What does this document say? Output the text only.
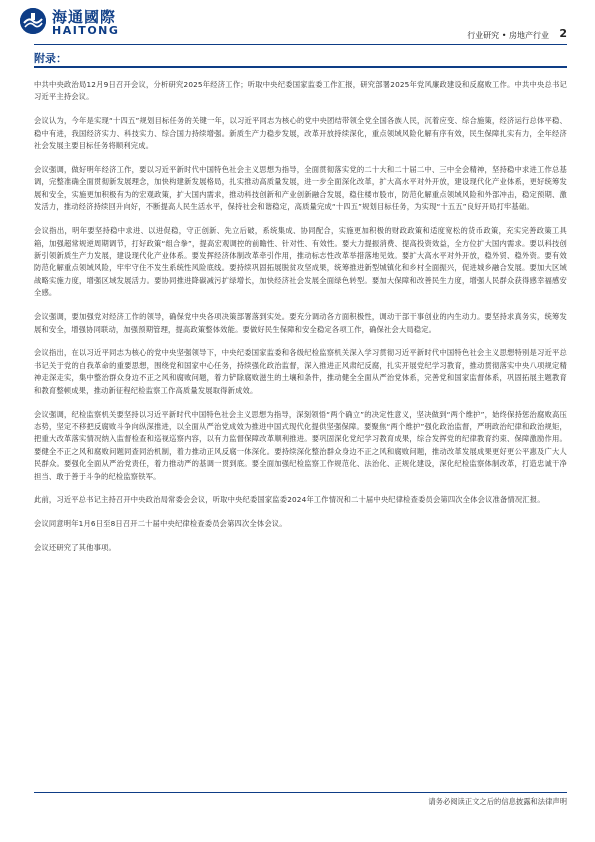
海通國際
HAITONG	行业研究 • 房地产行业 2
附录：

中共中央政治局12月9日召开会议，分析研究2025年经济工作；听取中央纪委国家监委工作汇报，研究部署2025年党风廉政建设和反腐败工作。中共中央总书记习近平主持会议。

会议认为，今年是实现“十四五”规划目标任务的关键一年，以习近平同志为核心的党中央团结带领全党全国各族人民，沉着应变、综合施策，经济运行总体平稳、稳中有进，我国经济实力、科技实力、综合国力持续增强。新质生产力稳步发展，改革开放持续深化，重点领域风险化解有序有效，民生保障扎实有力，全年经济社会发展主要目标任务将顺利完成。

会议强调，做好明年经济工作，要以习近平新时代中国特色社会主义思想为指导，全面贯彻落实党的二十大和二十届二中、三中全会精神，坚持稳中求进工作总基调，完整准确全面贯彻新发展理念，加快构建新发展格局，扎实推动高质量发展，进一步全面深化改革，扩大高水平对外开放，建设现代化产业体系，更好统筹发展和安全，实施更加积极有为的宏观政策，扩大国内需求，推动科技创新和产业创新融合发展，稳住楼市股市，防范化解重点领域风险和外部冲击，稳定预期、激发活力，推动经济持续回升向好，不断提高人民生活水平，保持社会和谐稳定，高质量完成“十四五”规划目标任务，为实现“十五五”良好开局打牢基础。

会议指出，明年要坚持稳中求进、以进促稳，守正创新、先立后破，系统集成、协同配合，实施更加积极的财政政策和适度宽松的货币政策，充实完善政策工具箱，加强超常规逆周期调节，打好政策“组合拳”，提高宏观调控的前瞻性、针对性、有效性。要大力提振消费、提高投资效益，全方位扩大国内需求。要以科技创新引领新质生产力发展，建设现代化产业体系。要发挥经济体制改革牵引作用，推动标志性改革举措落地见效。要扩大高水平对外开放，稳外贸、稳外资。要有效防范化解重点领域风险，牢牢守住不发生系统性风险底线。要持续巩固拓展脱贫攻坚成果，统筹推进新型城镇化和乡村全面振兴，促进城乡融合发展。要加大区域战略实施力度，增强区域发展活力。要协同推进降碳减污扩绿增长，加快经济社会发展全面绿色转型。要加大保障和改善民生力度，增强人民群众获得感幸福感安全感。

会议强调，要加强党对经济工作的领导，确保党中央各项决策部署落到实处。要充分调动各方面积极性，调动干部干事创业的内生动力。要坚持求真务实，统筹发展和安全，增强协同联动，加强预期管理，提高政策整体效能。要做好民生保障和安全稳定各项工作，确保社会大局稳定。

会议指出，在以习近平同志为核心的党中央坚强领导下，中央纪委国家监委和各级纪检监察机关深入学习贯彻习近平新时代中国特色社会主义思想特别是习近平总书记关于党的自我革命的重要思想，围绕党和国家中心任务，持续强化政治监督，深入推进正风肃纪反腐，扎实开展党纪学习教育，推动贯彻落实中央八项规定精神走深走实，集中整治群众身边不正之风和腐败问题，着力铲除腐败滋生的土壤和条件，推动健全全面从严治党体系，完善党和国家监督体系，巩固拓展主题教育和教育整顿成果，推动新征程纪检监察工作高质量发展取得新成效。

会议强调，纪检监察机关要坚持以习近平新时代中国特色社会主义思想为指导，深刻领悟“两个确立”的决定性意义，坚决做到“两个维护”，始终保持惩治腐败高压态势，坚定不移把反腐败斗争向纵深推进，以全面从严治党成效为推进中国式现代化提供坚强保障。要聚焦“两个维护”强化政治监督，严明政治纪律和政治规矩，把重大改革落实情况纳入监督检查和巡视巡察内容，以有力监督保障改革顺利推进。要巩固深化党纪学习教育成果，综合发挥党的纪律教育约束、保障激励作用。要健全不正之风和腐败问题同查同治机制，着力推动正风反腐一体深化。要持续深化整治群众身边不正之风和腐败问题，推动改革发展成果更好更公平惠及广大人民群众。要强化全面从严治党责任，着力推动严的基调一贯到底。要全面加强纪检监察工作规范化、法治化、正规化建设，深化纪检监察体制改革，打造忠诚干净担当、敢于善于斗争的纪检监察铁军。

此前，习近平总书记主持召开中央政治局常委会会议，听取中央纪委国家监委2024年工作情况和二十届中央纪律检查委员会第四次全体会议准备情况汇报。

会议同意明年1月6日至8日召开二十届中央纪律检查委员会第四次全体会议。

会议还研究了其他事项。

请务必阅读正文之后的信息披露和法律声明
